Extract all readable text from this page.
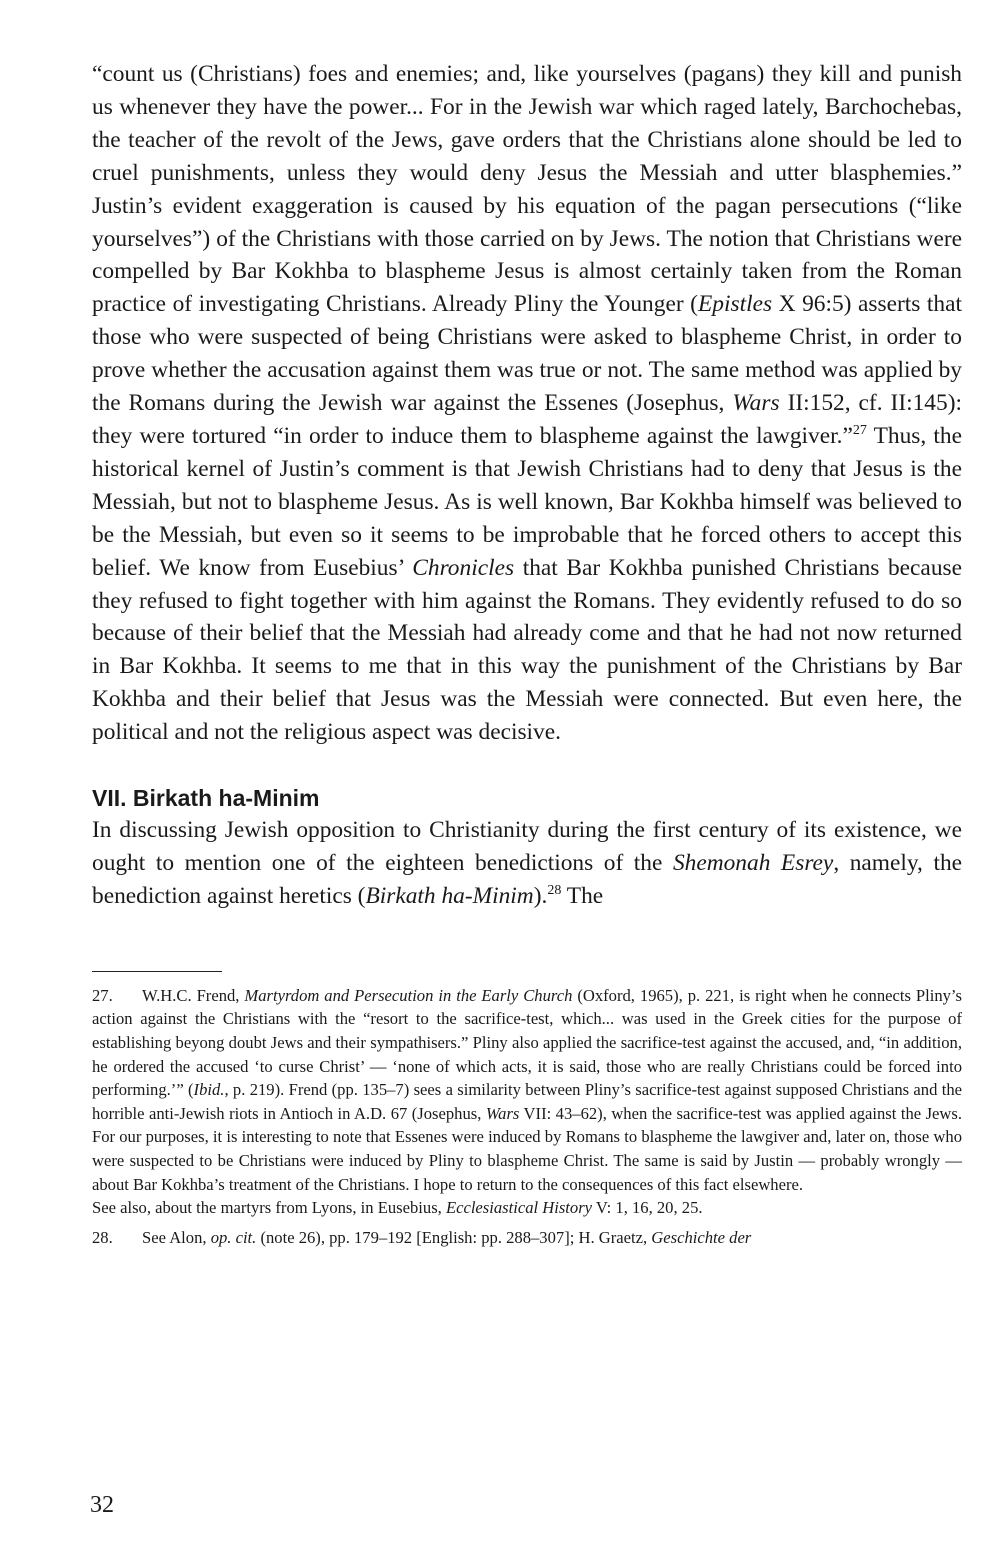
“count us (Christians) foes and enemies; and, like yourselves (pagans) they kill and punish us whenever they have the power... For in the Jewish war which raged lately, Barchochebas, the teacher of the revolt of the Jews, gave orders that the Christians alone should be led to cruel punishments, unless they would deny Jesus the Messiah and utter blasphemies.” Justin’s evident exaggeration is caused by his equation of the pagan persecutions (“like yourselves”) of the Christians with those carried on by Jews. The notion that Christians were compelled by Bar Kokhba to blaspheme Jesus is almost certainly taken from the Roman practice of investigating Christians. Already Pliny the Younger (Epistles X 96:5) asserts that those who were suspected of being Christians were asked to blaspheme Christ, in order to prove whether the accusation against them was true or not. The same method was applied by the Romans during the Jewish war against the Essenes (Josephus, Wars II:152, cf. II:145): they were tortured “in order to induce them to blaspheme against the lawgiver.”$^{27}$ Thus, the historical kernel of Justin’s comment is that Jewish Christians had to deny that Jesus is the Messiah, but not to blaspheme Jesus. As is well known, Bar Kokhba himself was believed to be the Messiah, but even so it seems to be improbable that he forced others to accept this belief. We know from Eusebius’ Chronicles that Bar Kokhba punished Christians because they refused to fight together with him against the Romans. They evidently refused to do so because of their belief that the Messiah had already come and that he had not now returned in Bar Kokhba. It seems to me that in this way the punishment of the Christians by Bar Kokhba and their belief that Jesus was the Messiah were connected. But even here, the political and not the religious aspect was decisive.

VII. Birkath ha-Minim

In discussing Jewish opposition to Christianity during the first century of its existence, we ought to mention one of the eighteen benedictions of the Shemonah Esrey, namely, the benediction against heretics (Birkath ha-Minim).$^{28}$ The

27. W.H.C. Frend, Martyrdom and Persecution in the Early Church (Oxford, 1965), p. 221, is right when he connects Pliny’s action against the Christians with the “resort to the sacrifice-test, which... was used in the Greek cities for the purpose of establishing beyong doubt Jews and their sympathisers.” Pliny also applied the sacrifice-test against the accused, and, “in addition, he ordered the accused ‘to curse Christ’ — ‘none of which acts, it is said, those who are really Christians could be forced into performing.’” (Ibid., p. 219). Frend (pp. 135–7) sees a similarity between Pliny’s sacrifice-test against supposed Christians and the horrible anti-Jewish riots in Antioch in A.D. 67 (Josephus, Wars VII: 43–62), when the sacrifice-test was applied against the Jews. For our purposes, it is interesting to note that Essenes were induced by Romans to blaspheme the lawgiver and, later on, those who were suspected to be Christians were induced by Pliny to blaspheme Christ. The same is said by Justin — probably wrongly — about Bar Kokhba’s treatment of the Christians. I hope to return to the consequences of this fact elsewhere.

See also, about the martyrs from Lyons, in Eusebius, Ecclesiastical History V: 1, 16, 20, 25.

28. See Alon, op. cit. (note 26), pp. 179–192 [English: pp. 288–307]; H. Graetz, Geschichte der

32
